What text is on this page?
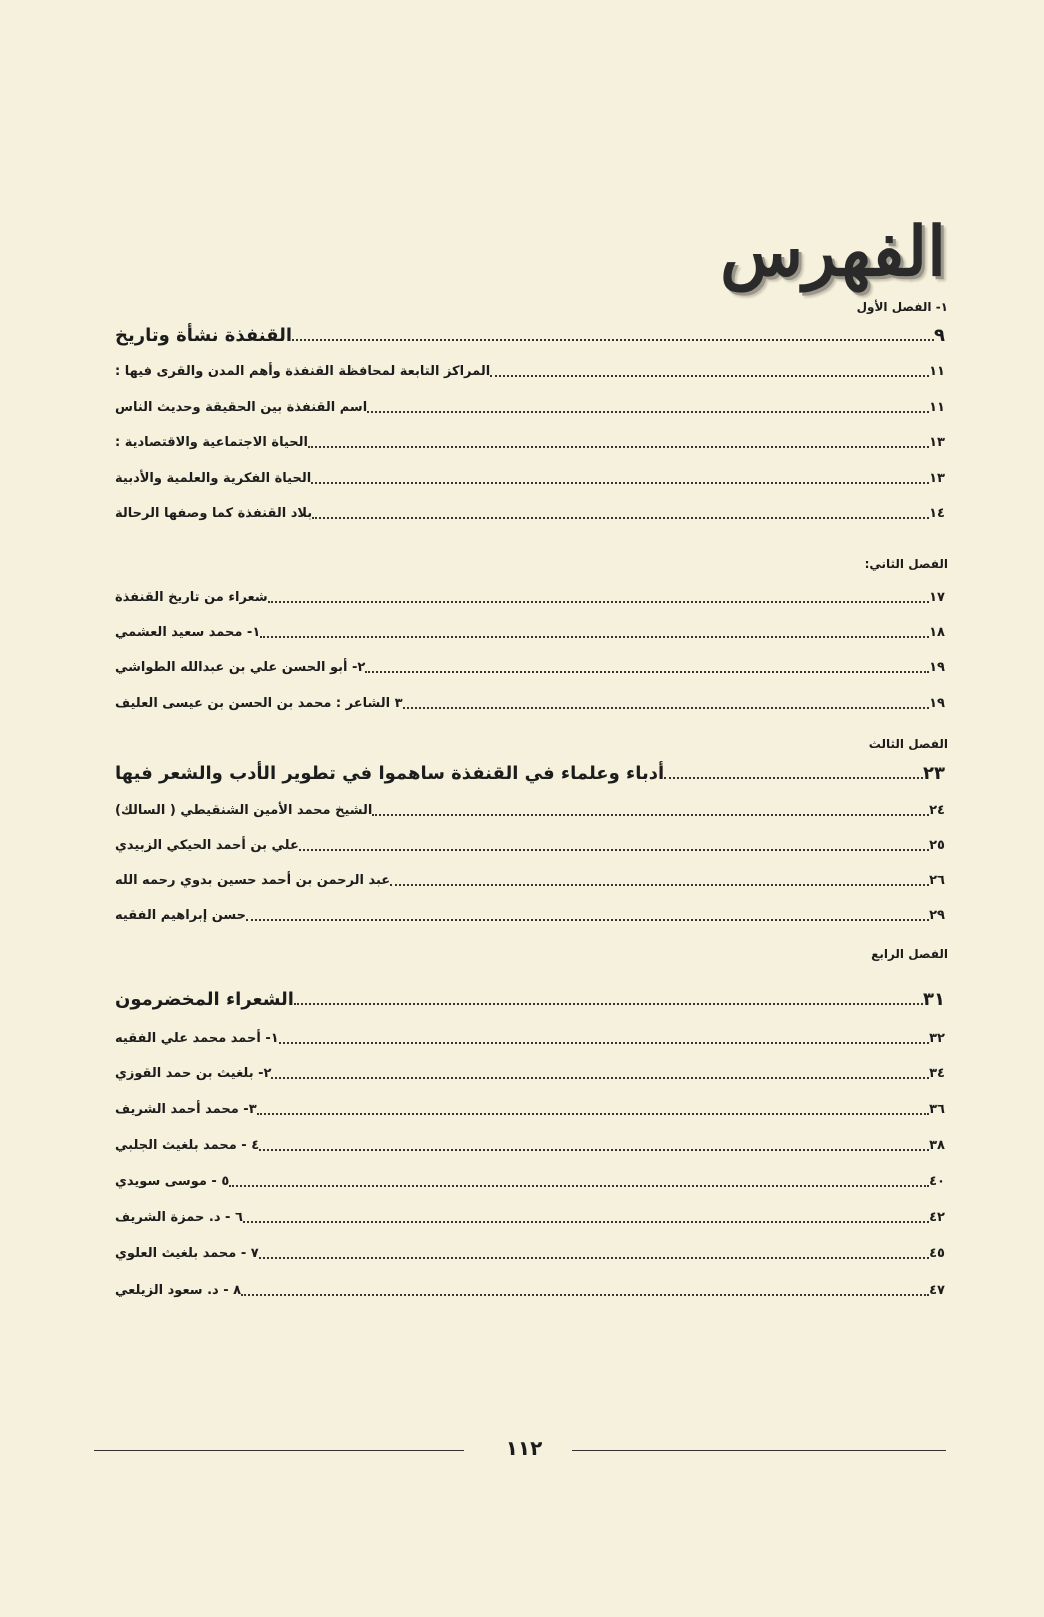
الفهرس
١- الفصل الأول
القنفذة نشأة وتاريخ	٩
المراكز التابعة لمحافظة القنفذة وأهم المدن والقرى فيها :	١١
اسم القنفذة بين الحقيقة وحديث الناس	١١
الحياة الاجتماعية والاقتصادية :	١٣
الحياة الفكرية والعلمية والأدبية	١٣
بلاد القنفذة كما وصفها الرحالة	١٤
الفصل الثاني:
شعراء من تاريخ القنفذة	١٧
١- محمد سعيد العشمي	١٨
٢- أبو الحسن علي بن عبدالله الطواشي	١٩
٣ الشاعر : محمد بن الحسن بن عيسى العليف	١٩
الفصل الثالث
أدباء وعلماء في القنفذة ساهموا في تطوير الأدب والشعر فيها	٢٣
الشيخ محمد الأمين الشنقيطي ( السالك)	٢٤
علي بن أحمد الحيكي الزبيدي	٢٥
عبد الرحمن بن أحمد حسين بدوي رحمه الله	٢٦
حسن إبراهيم الفقيه	٢٩
الفصل الرابع
الشعراء المخضرمون	٣١
١- أحمد محمد علي الفقيه	٣٢
٢- بلغيث بن حمد القوزي	٣٤
٣- محمد أحمد الشريف	٣٦
٤ - محمد بلغيث الجلبي	٣٨
٥ - موسى سويدي	٤٠
٦ - د. حمزة الشريف	٤٢
٧ - محمد بلغيث العلوي	٤٥
٨ - د. سعود الزيلعي	٤٧
١١٢
